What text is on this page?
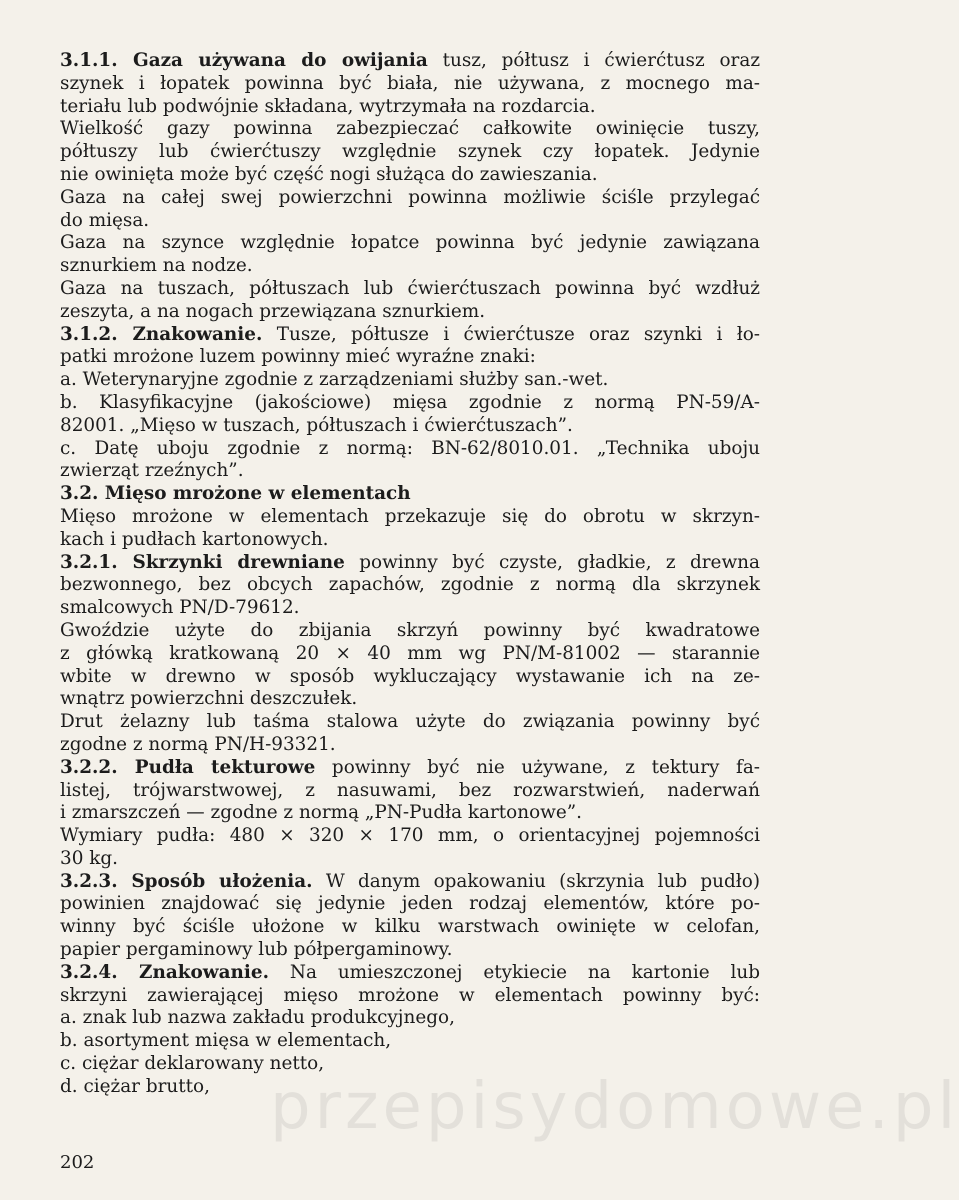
przepisydomowe.pl
3.1.1. Gaza używana do owijania tusz, półtusz i ćwierćtusz oraz
szynek i łopatek powinna być biała, nie używana, z mocnego ma-
teriału lub podwójnie składana, wytrzymała na rozdarcia.
Wielkość gazy powinna zabezpieczać całkowite owinięcie tuszy,
półtuszy lub ćwierćtuszy względnie szynek czy łopatek. Jedynie
nie owinięta może być część nogi służąca do zawieszania.
Gaza na całej swej powierzchni powinna możliwie ściśle przylegać
do mięsa.
Gaza na szynce względnie łopatce powinna być jedynie zawiązana
sznurkiem na nodze.
Gaza na tuszach, półtuszach lub ćwierćtuszach powinna być wzdłuż
zeszyta, a na nogach przewiązana sznurkiem.
3.1.2. Znakowanie. Tusze, półtusze i ćwierćtusze oraz szynki i ło-
patki mrożone luzem powinny mieć wyraźne znaki:
a. Weterynaryjne zgodnie z zarządzeniami służby san.-wet.
b. Klasyfikacyjne (jakościowe) mięsa zgodnie z normą PN-59/A-
82001. „Mięso w tuszach, półtuszach i ćwierćtuszach”.
c. Datę uboju zgodnie z normą: BN-62/8010.01. „Technika uboju
zwierząt rzeźnych”.
3.2. Mięso mrożone w elementach
Mięso mrożone w elementach przekazuje się do obrotu w skrzyn-
kach i pudłach kartonowych.
3.2.1. Skrzynki drewniane powinny być czyste, gładkie, z drewna
bezwonnego, bez obcych zapachów, zgodnie z normą dla skrzynek
smalcowych PN/D-79612.
Gwoździe użyte do zbijania skrzyń powinny być kwadratowe
z główką kratkowaną 20 × 40 mm wg PN/M-81002 — starannie
wbite w drewno w sposób wykluczający wystawanie ich na ze-
wnątrz powierzchni deszczułek.
Drut żelazny lub taśma stalowa użyte do związania powinny być
zgodne z normą PN/H-93321.
3.2.2. Pudła tekturowe powinny być nie używane, z tektury fa-
listej, trójwarstwowej, z nasuwami, bez rozwarstwień, naderwań
i zmarszczeń — zgodne z normą „PN-Pudła kartonowe”.
Wymiary pudła: 480 × 320 × 170 mm, o orientacyjnej pojemności
30 kg.
3.2.3. Sposób ułożenia. W danym opakowaniu (skrzynia lub pudło)
powinien znajdować się jedynie jeden rodzaj elementów, które po-
winny być ściśle ułożone w kilku warstwach owinięte w celofan,
papier pergaminowy lub półpergaminowy.
3.2.4. Znakowanie. Na umieszczonej etykiecie na kartonie lub
skrzyni zawierającej mięso mrożone w elementach powinny być:
a. znak lub nazwa zakładu produkcyjnego,
b. asortyment mięsa w elementach,
c. ciężar deklarowany netto,
d. ciężar brutto,
202
